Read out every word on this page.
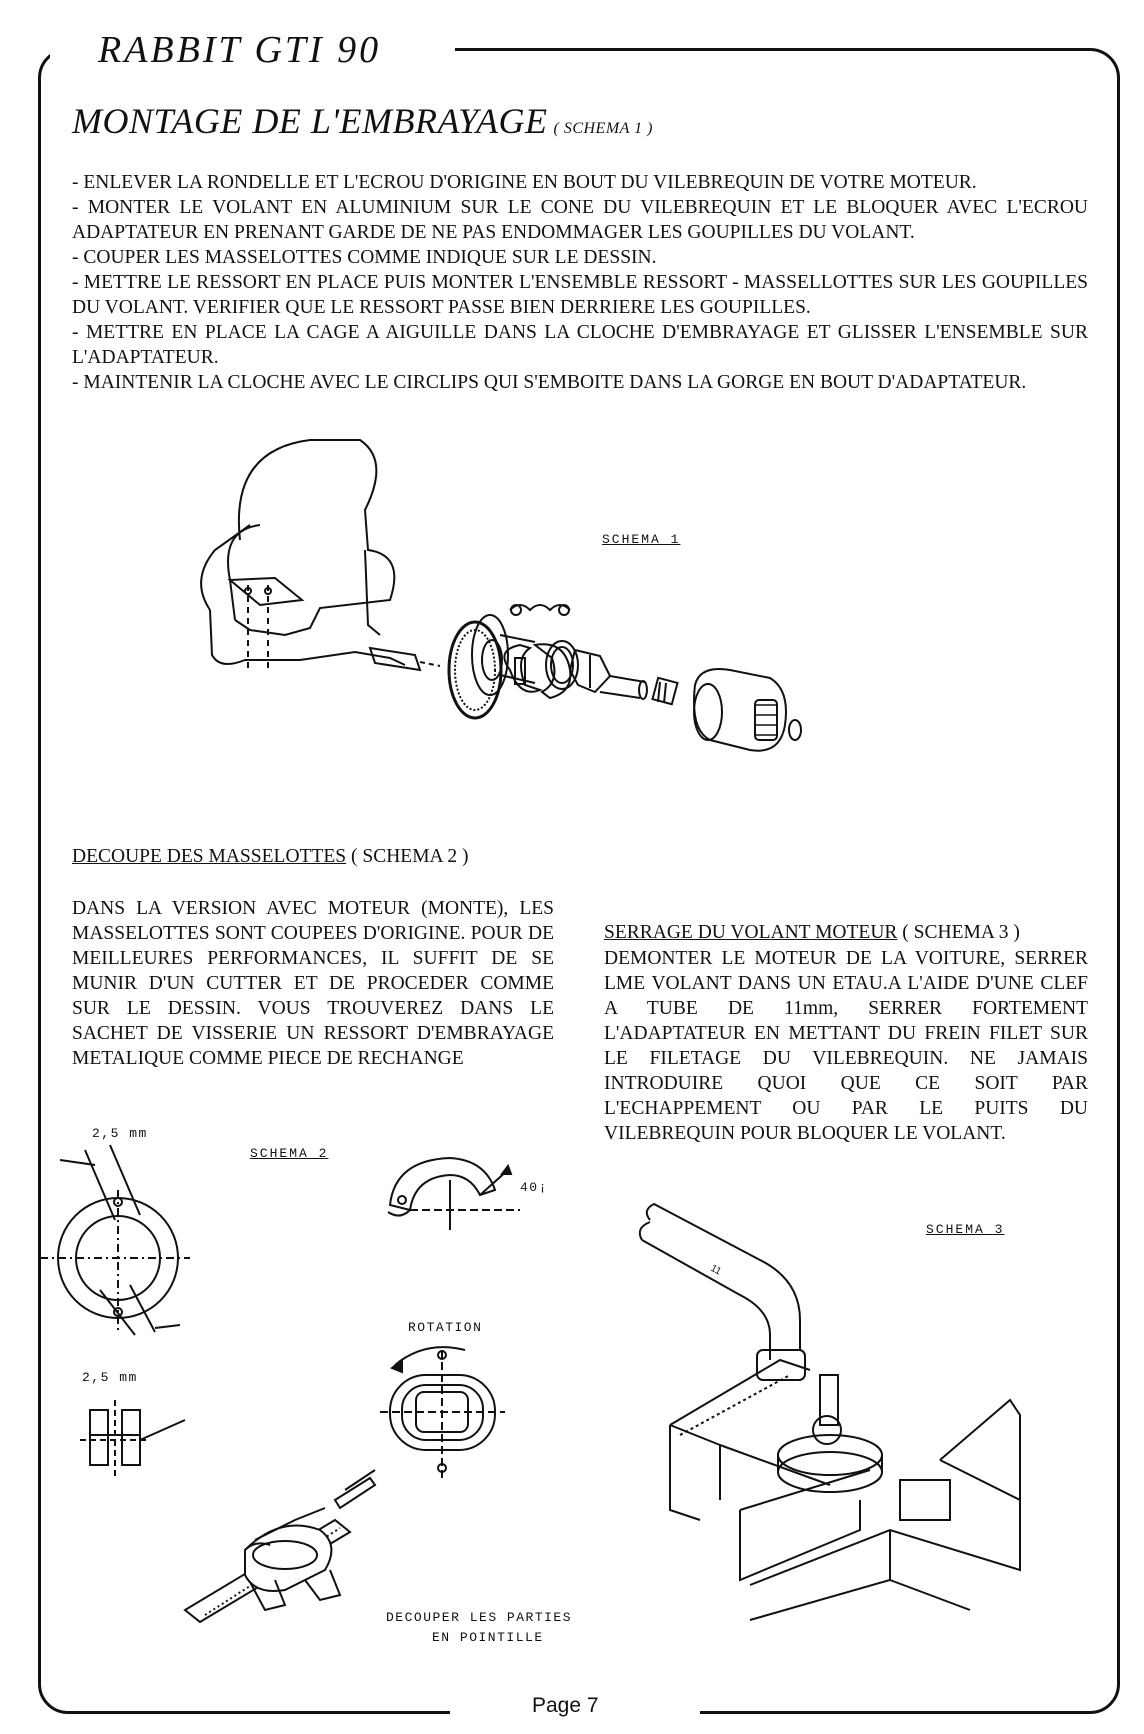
RABBIT GTI 90
MONTAGE DE L'EMBRAYAGE ( SCHEMA 1 )

- ENLEVER LA RONDELLE ET L'ECROU D'ORIGINE EN BOUT DU VILEBREQUIN DE VOTRE MOTEUR.

- MONTER LE VOLANT EN ALUMINIUM SUR LE CONE DU VILEBREQUIN ET LE BLOQUER AVEC L'ECROU ADAPTATEUR EN PRENANT GARDE DE NE PAS ENDOMMAGER LES GOUPILLES DU VOLANT.

- COUPER LES MASSELOTTES COMME INDIQUE SUR LE DESSIN.

- METTRE LE RESSORT EN PLACE PUIS MONTER L'ENSEMBLE RESSORT - MASSELLOTTES SUR LES GOUPILLES DU VOLANT. VERIFIER QUE LE RESSORT PASSE BIEN DERRIERE LES GOUPILLES.

- METTRE EN PLACE LA CAGE A AIGUILLE DANS LA CLOCHE D'EMBRAYAGE ET GLISSER L'ENSEMBLE SUR L'ADAPTATEUR.

- MAINTENIR LA CLOCHE AVEC LE CIRCLIPS QUI S'EMBOITE DANS LA GORGE EN BOUT D'ADAPTATEUR.

SCHEMA 1
DECOUPE DES MASSELOTTES ( SCHEMA 2 )
DANS LA VERSION AVEC MOTEUR (MONTE), LES MASSELOTTES SONT COUPEES D'ORIGINE. POUR DE MEILLEURES PERFORMANCES, IL SUFFIT DE SE MUNIR D'UN CUTTER ET DE PROCEDER COMME SUR LE DESSIN. VOUS TROUVEREZ DANS LE SACHET DE VISSERIE UN RESSORT D'EMBRAYAGE METALIQUE COMME PIECE DE RECHANGE
SERRAGE DU VOLANT MOTEUR ( SCHEMA 3 )
DEMONTER LE MOTEUR DE LA VOITURE, SERRER LME VOLANT DANS UN ETAU.A L'AIDE D'UNE CLEF A TUBE DE 11mm, SERRER FORTEMENT L'ADAPTATEUR EN METTANT DU FREIN FILET SUR LE FILETAGE DU VILEBREQUIN. NE JAMAIS INTRODUIRE QUOI QUE CE SOIT PAR L'ECHAPPEMENT OU PAR LE PUITS DU VILEBREQUIN POUR BLOQUER LE VOLANT.
2,5 mm
SCHEMA 2
2,5 mm
40¡
ROTATION
DECOUPER LES PARTIES
EN POINTILLE
SCHEMA 3
11
Page 7
